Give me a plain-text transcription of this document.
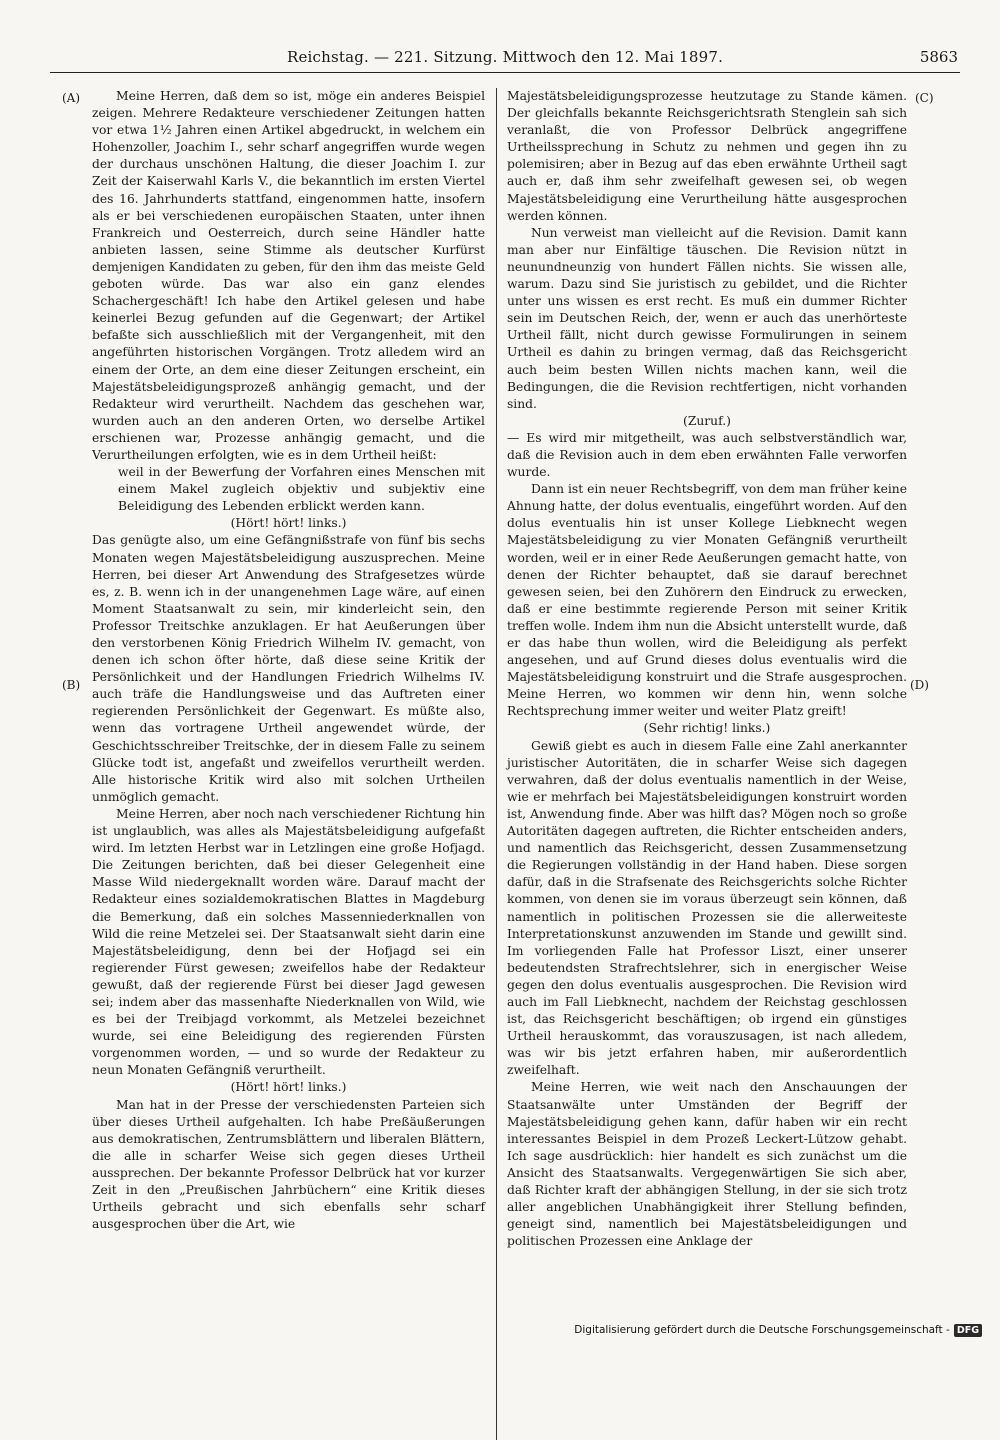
Reichstag. — 221. Sitzung. Mittwoch den 12. Mai 1897.	5863
(A)
(B)
(C)
(D)

Meine Herren, daß dem so ist, möge ein anderes Beispiel zeigen. Mehrere Redakteure verschiedener Zeitungen hatten vor etwa 1½ Jahren einen Artikel abgedruckt, in welchem ein Hohenzoller, Joachim I., sehr scharf angegriffen wurde wegen der durchaus unschönen Haltung, die dieser Joachim I. zur Zeit der Kaiserwahl Karls V., die bekanntlich im ersten Viertel des 16. Jahrhunderts stattfand, eingenommen hatte, insofern als er bei verschiedenen europäischen Staaten, unter ihnen Frankreich und Oesterreich, durch seine Händler hatte anbieten lassen, seine Stimme als deutscher Kurfürst demjenigen Kandidaten zu geben, für den ihm das meiste Geld geboten würde. Das war also ein ganz elendes Schachergeschäft! Ich habe den Artikel gelesen und habe keinerlei Bezug gefunden auf die Gegenwart; der Artikel befaßte sich ausschließlich mit der Vergangenheit, mit den angeführten historischen Vorgängen. Trotz alledem wird an einem der Orte, an dem eine dieser Zeitungen erscheint, ein Majestätsbeleidigungsprozeß anhängig gemacht, und der Redakteur wird verurtheilt. Nachdem das geschehen war, wurden auch an den anderen Orten, wo derselbe Artikel erschienen war, Prozesse anhängig gemacht, und die Verurtheilungen erfolgten, wie es in dem Urtheil heißt:

weil in der Bewerfung der Vorfahren eines Menschen mit einem Makel zugleich objektiv und subjektiv eine Beleidigung des Lebenden erblickt werden kann.

(Hört! hört! links.)

Das genügte also, um eine Gefängnißstrafe von fünf bis sechs Monaten wegen Majestätsbeleidigung auszusprechen. Meine Herren, bei dieser Art Anwendung des Strafgesetzes würde es, z. B. wenn ich in der unangenehmen Lage wäre, auf einen Moment Staatsanwalt zu sein, mir kinderleicht sein, den Professor Treitschke anzuklagen. Er hat Aeußerungen über den verstorbenen König Friedrich Wilhelm IV. gemacht, von denen ich schon öfter hörte, daß diese seine Kritik der Persönlichkeit und der Handlungen Friedrich Wilhelms IV. auch träfe die Handlungsweise und das Auftreten einer regierenden Persönlichkeit der Gegenwart. Es müßte also, wenn das vortragene Urtheil angewendet würde, der Geschichtsschreiber Treitschke, der in diesem Falle zu seinem Glücke todt ist, angefaßt und zweifellos verurtheilt werden. Alle historische Kritik wird also mit solchen Urtheilen unmöglich gemacht.

Meine Herren, aber noch nach verschiedener Richtung hin ist unglaublich, was alles als Majestätsbeleidigung aufgefaßt wird. Im letzten Herbst war in Letzlingen eine große Hofjagd. Die Zeitungen berichten, daß bei dieser Gelegenheit eine Masse Wild niedergeknallt worden wäre. Darauf macht der Redakteur eines sozialdemokratischen Blattes in Magdeburg die Bemerkung, daß ein solches Massenniederknallen von Wild die reine Metzelei sei. Der Staatsanwalt sieht darin eine Majestätsbeleidigung, denn bei der Hofjagd sei ein regierender Fürst gewesen; zweifellos habe der Redakteur gewußt, daß der regierende Fürst bei dieser Jagd gewesen sei; indem aber das massenhafte Niederknallen von Wild, wie es bei der Treibjagd vorkommt, als Metzelei bezeichnet wurde, sei eine Beleidigung des regierenden Fürsten vorgenommen worden, — und so wurde der Redakteur zu neun Monaten Gefängniß verurtheilt.

(Hört! hört! links.)

Man hat in der Presse der verschiedensten Parteien sich über dieses Urtheil aufgehalten. Ich habe Preßäußerungen aus demokratischen, Zentrumsblättern und liberalen Blättern, die alle in scharfer Weise sich gegen dieses Urtheil aussprechen. Der bekannte Professor Delbrück hat vor kurzer Zeit in den „Preußischen Jahrbüchern“ eine Kritik dieses Urtheils gebracht und sich ebenfalls sehr scharf ausgesprochen über die Art, wie

Majestätsbeleidigungsprozesse heutzutage zu Stande kämen. Der gleichfalls bekannte Reichsgerichtsrath Stenglein sah sich veranlaßt, die von Professor Delbrück angegriffene Urtheilssprechung in Schutz zu nehmen und gegen ihn zu polemisiren; aber in Bezug auf das eben erwähnte Urtheil sagt auch er, daß ihm sehr zweifelhaft gewesen sei, ob wegen Majestätsbeleidigung eine Verurtheilung hätte ausgesprochen werden können.

Nun verweist man vielleicht auf die Revision. Damit kann man aber nur Einfältige täuschen. Die Revision nützt in neunundneunzig von hundert Fällen nichts. Sie wissen alle, warum. Dazu sind Sie juristisch zu gebildet, und die Richter unter uns wissen es erst recht. Es muß ein dummer Richter sein im Deutschen Reich, der, wenn er auch das unerhörteste Urtheil fällt, nicht durch gewisse Formulirungen in seinem Urtheil es dahin zu bringen vermag, daß das Reichsgericht auch beim besten Willen nichts machen kann, weil die Bedingungen, die die Revision rechtfertigen, nicht vorhanden sind.

(Zuruf.)

— Es wird mir mitgetheilt, was auch selbstverständlich war, daß die Revision auch in dem eben erwähnten Falle verworfen wurde.

Dann ist ein neuer Rechtsbegriff, von dem man früher keine Ahnung hatte, der dolus eventualis, eingeführt worden. Auf den dolus eventualis hin ist unser Kollege Liebknecht wegen Majestätsbeleidigung zu vier Monaten Gefängniß verurtheilt worden, weil er in einer Rede Aeußerungen gemacht hatte, von denen der Richter behauptet, daß sie darauf berechnet gewesen seien, bei den Zuhörern den Eindruck zu erwecken, daß er eine bestimmte regierende Person mit seiner Kritik treffen wolle. Indem ihm nun die Absicht unterstellt wurde, daß er das habe thun wollen, wird die Beleidigung als perfekt angesehen, und auf Grund dieses dolus eventualis wird die Majestätsbeleidigung konstruirt und die Strafe ausgesprochen. Meine Herren, wo kommen wir denn hin, wenn solche Rechtsprechung immer weiter und weiter Platz greift!

(Sehr richtig! links.)

Gewiß giebt es auch in diesem Falle eine Zahl anerkannter juristischer Autoritäten, die in scharfer Weise sich dagegen verwahren, daß der dolus eventualis namentlich in der Weise, wie er mehrfach bei Majestätsbeleidigungen konstruirt worden ist, Anwendung finde. Aber was hilft das? Mögen noch so große Autoritäten dagegen auftreten, die Richter entscheiden anders, und namentlich das Reichsgericht, dessen Zusammensetzung die Regierungen vollständig in der Hand haben. Diese sorgen dafür, daß in die Strafsenate des Reichsgerichts solche Richter kommen, von denen sie im voraus überzeugt sein können, daß namentlich in politischen Prozessen sie die allerweiteste Interpretationskunst anzuwenden im Stande und gewillt sind. Im vorliegenden Falle hat Professor Liszt, einer unserer bedeutendsten Strafrechtslehrer, sich in energischer Weise gegen den dolus eventualis ausgesprochen. Die Revision wird auch im Fall Liebknecht, nachdem der Reichstag geschlossen ist, das Reichsgericht beschäftigen; ob irgend ein günstiges Urtheil herauskommt, das vorauszusagen, ist nach alledem, was wir bis jetzt erfahren haben, mir außerordentlich zweifelhaft.

Meine Herren, wie weit nach den Anschauungen der Staatsanwälte unter Umständen der Begriff der Majestätsbeleidigung gehen kann, dafür haben wir ein recht interessantes Beispiel in dem Prozeß Leckert-Lützow gehabt. Ich sage ausdrücklich: hier handelt es sich zunächst um die Ansicht des Staatsanwalts. Vergegenwärtigen Sie sich aber, daß Richter kraft der abhängigen Stellung, in der sie sich trotz aller angeblichen Unabhängigkeit ihrer Stellung befinden, geneigt sind, namentlich bei Majestätsbeleidigungen und politischen Prozessen eine Anklage der

Digitalisierung gefördert durch die Deutsche Forschungsgemeinschaft - DFG
